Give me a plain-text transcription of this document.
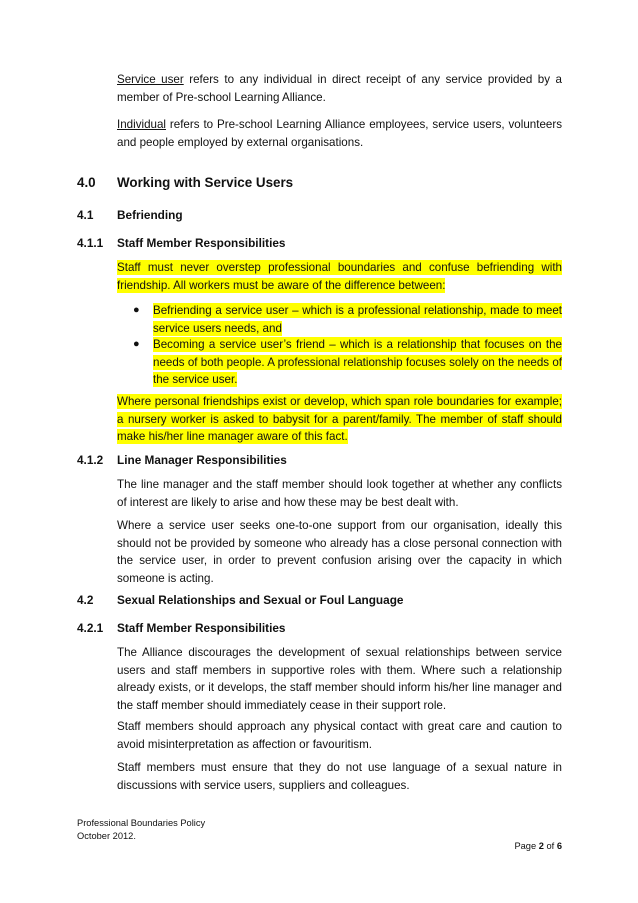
Service user refers to any individual in direct receipt of any service provided by a member of Pre-school Learning Alliance.

Individual refers to Pre-school Learning Alliance employees, service users, volunteers and people employed by external organisations.

4.0 Working with Service Users
4.1 Befriending
4.1.1 Staff Member Responsibilities

Staff must never overstep professional boundaries and confuse befriending with friendship. All workers must be aware of the difference between:

● Befriending a service user – which is a professional relationship, made to meet service users needs, and

● Becoming a service user’s friend – which is a relationship that focuses on the needs of both people. A professional relationship focuses solely on the needs of the service user.

Where personal friendships exist or develop, which span role boundaries for example; a nursery worker is asked to babysit for a parent/family. The member of staff should make his/her line manager aware of this fact.

4.1.2 Line Manager Responsibilities

The line manager and the staff member should look together at whether any conflicts of interest are likely to arise and how these may be best dealt with.

Where a service user seeks one-to-one support from our organisation, ideally this should not be provided by someone who already has a close personal connection with the service user, in order to prevent confusion arising over the capacity in which someone is acting.

4.2 Sexual Relationships and Sexual or Foul Language
4.2.1 Staff Member Responsibilities

The Alliance discourages the development of sexual relationships between service users and staff members in supportive roles with them. Where such a relationship already exists, or it develops, the staff member should inform his/her line manager and the staff member should immediately cease in their support role.

Staff members should approach any physical contact with great care and caution to avoid misinterpretation as affection or favouritism.

Staff members must ensure that they do not use language of a sexual nature in discussions with service users, suppliers and colleagues.

Professional Boundaries Policy
October 2012.
Page 2 of 6
